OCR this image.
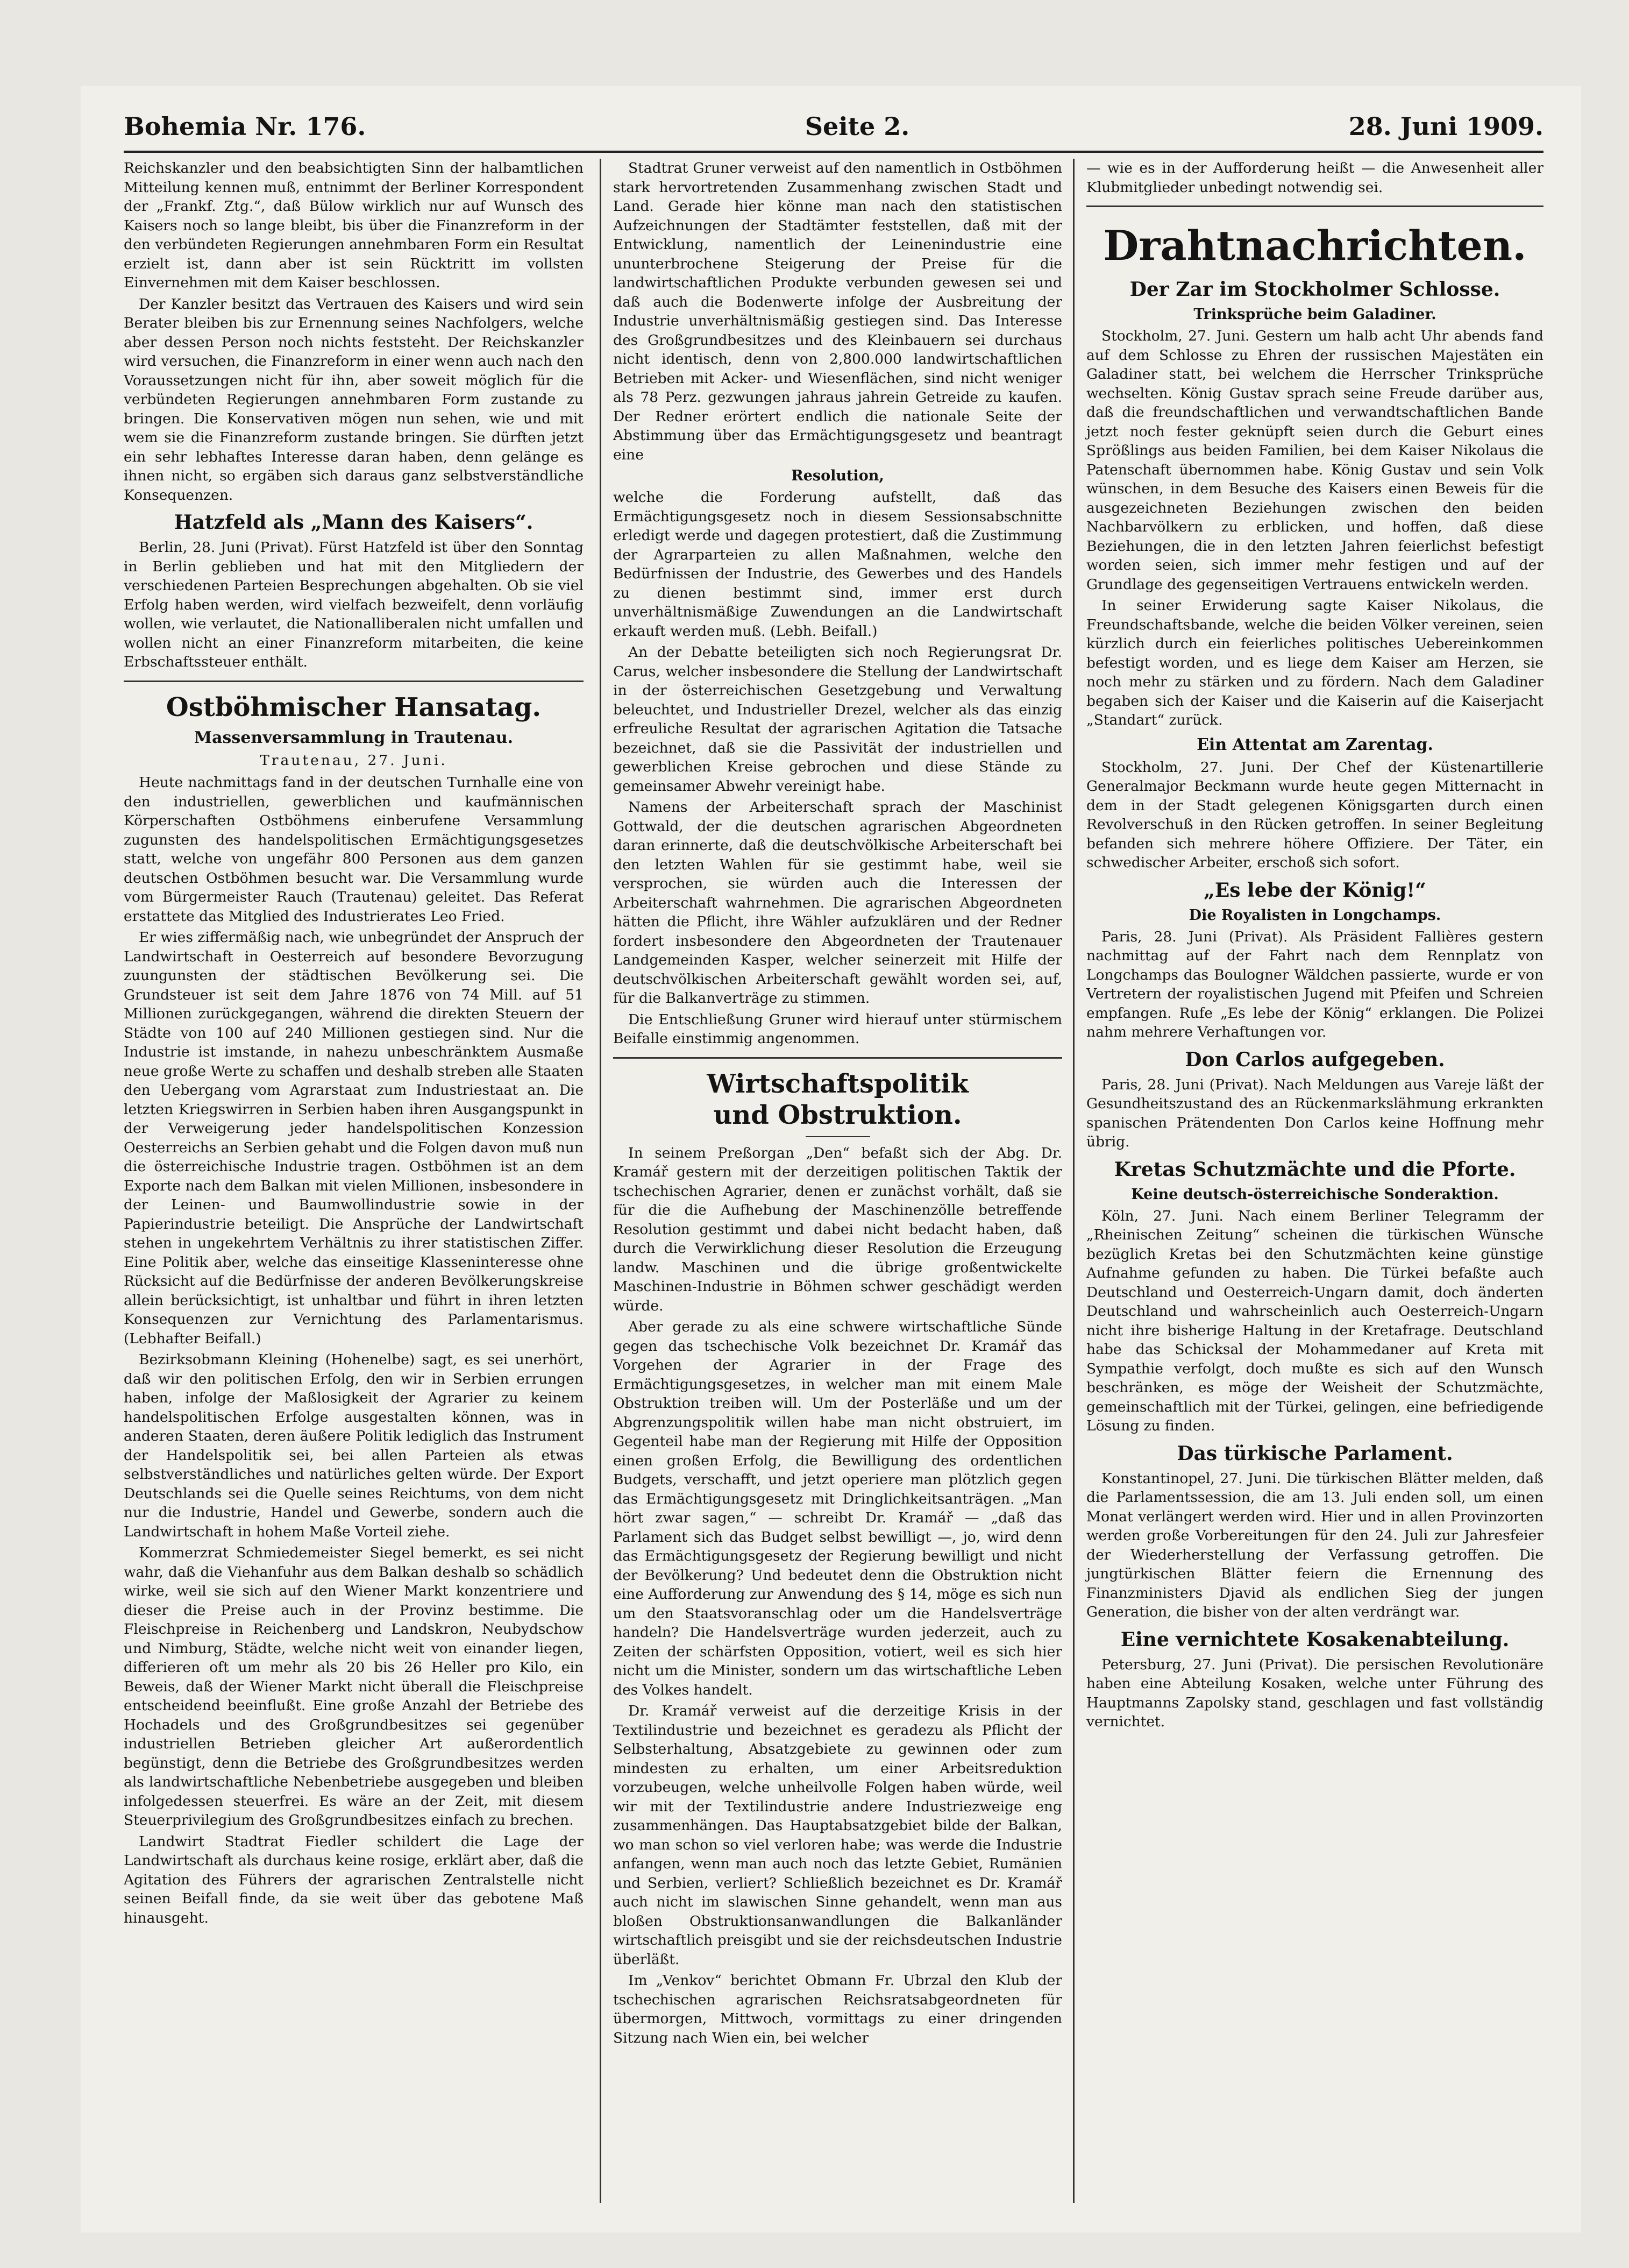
Bohemia Nr. 176.	Seite 2.	28. Juni 1909.

Reichskanzler und den beabsichtigten Sinn der halbamtlichen Mitteilung kennen muß, entnimmt der Berliner Korrespondent der „Frankf. Ztg.“, daß Bülow wirklich nur auf Wunsch des Kaisers noch so lange bleibt, bis über die Finanzreform in der den verbündeten Regierungen annehmbaren Form ein Resultat erzielt ist, dann aber ist sein Rücktritt im vollsten Einvernehmen mit dem Kaiser beschlossen.

Der Kanzler besitzt das Vertrauen des Kaisers und wird sein Berater bleiben bis zur Ernennung seines Nachfolgers, welche aber dessen Person noch nichts feststeht. Der Reichskanzler wird versuchen, die Finanzreform in einer wenn auch nach den Voraussetzungen nicht für ihn, aber soweit möglich für die verbündeten Regierungen annehmbaren Form zustande zu bringen. Die Konservativen mögen nun sehen, wie und mit wem sie die Finanzreform zustande bringen. Sie dürften jetzt ein sehr lebhaftes Interesse daran haben, denn gelänge es ihnen nicht, so ergäben sich daraus ganz selbstverständliche Konsequenzen.

Hatzfeld als „Mann des Kaisers“.

Berlin, 28. Juni (Privat). Fürst Hatzfeld ist über den Sonntag in Berlin geblieben und hat mit den Mitgliedern der verschiedenen Parteien Besprechungen abgehalten. Ob sie viel Erfolg haben werden, wird vielfach bezweifelt, denn vorläufig wollen, wie verlautet, die Nationalliberalen nicht umfallen und wollen nicht an einer Finanzreform mitarbeiten, die keine Erbschaftssteuer enthält.

Ostböhmischer Hansatag.
Massenversammlung in Trautenau.
Trautenau, 27. Juni.

Heute nachmittags fand in der deutschen Turnhalle eine von den industriellen, gewerblichen und kaufmännischen Körperschaften Ostböhmens einberufene Versammlung zugunsten des handelspolitischen Ermächtigungsgesetzes statt, welche von ungefähr 800 Personen aus dem ganzen deutschen Ostböhmen besucht war. Die Versammlung wurde vom Bürgermeister Rauch (Trautenau) geleitet. Das Referat erstattete das Mitglied des Industrierates Leo Fried.

Er wies ziffermäßig nach, wie unbegründet der Anspruch der Landwirtschaft in Oesterreich auf besondere Bevorzugung zuungunsten der städtischen Bevölkerung sei. Die Grundsteuer ist seit dem Jahre 1876 von 74 Mill. auf 51 Millionen zurückgegangen, während die direkten Steuern der Städte von 100 auf 240 Millionen gestiegen sind. Nur die Industrie ist imstande, in nahezu unbeschränktem Ausmaße neue große Werte zu schaffen und deshalb streben alle Staaten den Uebergang vom Agrarstaat zum Industriestaat an. Die letzten Kriegswirren in Serbien haben ihren Ausgangspunkt in der Verweigerung jeder handelspolitischen Konzession Oesterreichs an Serbien gehabt und die Folgen davon muß nun die österreichische Industrie tragen. Ostböhmen ist an dem Exporte nach dem Balkan mit vielen Millionen, insbesondere in der Leinen- und Baumwollindustrie sowie in der Papierindustrie beteiligt. Die Ansprüche der Landwirtschaft stehen in ungekehrtem Verhältnis zu ihrer statistischen Ziffer. Eine Politik aber, welche das einseitige Klasseninteresse ohne Rücksicht auf die Bedürfnisse der anderen Bevölkerungskreise allein berücksichtigt, ist unhaltbar und führt in ihren letzten Konsequenzen zur Vernichtung des Parlamentarismus. (Lebhafter Beifall.)

Bezirksobmann Kleining (Hohenelbe) sagt, es sei unerhört, daß wir den politischen Erfolg, den wir in Serbien errungen haben, infolge der Maßlosigkeit der Agrarier zu keinem handelspolitischen Erfolge ausgestalten können, was in anderen Staaten, deren äußere Politik lediglich das Instrument der Handelspolitik sei, bei allen Parteien als etwas selbstverständliches und natürliches gelten würde. Der Export Deutschlands sei die Quelle seines Reichtums, von dem nicht nur die Industrie, Handel und Gewerbe, sondern auch die Landwirtschaft in hohem Maße Vorteil ziehe.

Kommerzrat Schmiedemeister Siegel bemerkt, es sei nicht wahr, daß die Viehanfuhr aus dem Balkan deshalb so schädlich wirke, weil sie sich auf den Wiener Markt konzentriere und dieser die Preise auch in der Provinz bestimme. Die Fleischpreise in Reichenberg und Landskron, Neubydschow und Nimburg, Städte, welche nicht weit von einander liegen, differieren oft um mehr als 20 bis 26 Heller pro Kilo, ein Beweis, daß der Wiener Markt nicht überall die Fleischpreise entscheidend beeinflußt. Eine große Anzahl der Betriebe des Hochadels und des Großgrundbesitzes sei gegenüber industriellen Betrieben gleicher Art außerordentlich begünstigt, denn die Betriebe des Großgrundbesitzes werden als landwirtschaftliche Nebenbetriebe ausgegeben und bleiben infolgedessen steuerfrei. Es wäre an der Zeit, mit diesem Steuerprivilegium des Großgrundbesitzes einfach zu brechen.

Landwirt Stadtrat Fiedler schildert die Lage der Landwirtschaft als durchaus keine rosige, erklärt aber, daß die Agitation des Führers der agrarischen Zentralstelle nicht seinen Beifall finde, da sie weit über das gebotene Maß hinausgeht.

Stadtrat Gruner verweist auf den namentlich in Ostböhmen stark hervortretenden Zusammenhang zwischen Stadt und Land. Gerade hier könne man nach den statistischen Aufzeichnungen der Stadtämter feststellen, daß mit der Entwicklung, namentlich der Leinenindustrie eine ununterbrochene Steigerung der Preise für die landwirtschaftlichen Produkte verbunden gewesen sei und daß auch die Bodenwerte infolge der Ausbreitung der Industrie unverhältnismäßig gestiegen sind. Das Interesse des Großgrundbesitzes und des Kleinbauern sei durchaus nicht identisch, denn von 2,800.000 landwirtschaftlichen Betrieben mit Acker- und Wiesenflächen, sind nicht weniger als 78 Perz. gezwungen jahraus jahrein Getreide zu kaufen. Der Redner erörtert endlich die nationale Seite der Abstimmung über das Ermächtigungsgesetz und beantragt eine

Resolution,

welche die Forderung aufstellt, daß das Ermächtigungsgesetz noch in diesem Sessionsabschnitte erledigt werde und dagegen protestiert, daß die Zustimmung der Agrarparteien zu allen Maßnahmen, welche den Bedürfnissen der Industrie, des Gewerbes und des Handels zu dienen bestimmt sind, immer erst durch unverhältnismäßige Zuwendungen an die Landwirtschaft erkauft werden muß. (Lebh. Beifall.)

An der Debatte beteiligten sich noch Regierungsrat Dr. Carus, welcher insbesondere die Stellung der Landwirtschaft in der österreichischen Gesetzgebung und Verwaltung beleuchtet, und Industrieller Drezel, welcher als das einzig erfreuliche Resultat der agrarischen Agitation die Tatsache bezeichnet, daß sie die Passivität der industriellen und gewerblichen Kreise gebrochen und diese Stände zu gemeinsamer Abwehr vereinigt habe.

Namens der Arbeiterschaft sprach der Maschinist Gottwald, der die deutschen agrarischen Abgeordneten daran erinnerte, daß die deutschvölkische Arbeiterschaft bei den letzten Wahlen für sie gestimmt habe, weil sie versprochen, sie würden auch die Interessen der Arbeiterschaft wahrnehmen. Die agrarischen Abgeordneten hätten die Pflicht, ihre Wähler aufzuklären und der Redner fordert insbesondere den Abgeordneten der Trautenauer Landgemeinden Kasper, welcher seinerzeit mit Hilfe der deutschvölkischen Arbeiterschaft gewählt worden sei, auf, für die Balkanverträge zu stimmen.

Die Entschließung Gruner wird hierauf unter stürmischem Beifalle einstimmig angenommen.

Wirtschaftspolitik
und Obstruktion.

In seinem Preßorgan „Den“ befaßt sich der Abg. Dr. Kramář gestern mit der derzeitigen politischen Taktik der tschechischen Agrarier, denen er zunächst vorhält, daß sie für die die Aufhebung der Maschinenzölle betreffende Resolution gestimmt und dabei nicht bedacht haben, daß durch die Verwirklichung dieser Resolution die Erzeugung landw. Maschinen und die übrige großentwickelte Maschinen-Industrie in Böhmen schwer geschädigt werden würde.

Aber gerade zu als eine schwere wirtschaftliche Sünde gegen das tschechische Volk bezeichnet Dr. Kramář das Vorgehen der Agrarier in der Frage des Ermächtigungsgesetzes, in welcher man mit einem Male Obstruktion treiben will. Um der Posterläße und um der Abgrenzungspolitik willen habe man nicht obstruiert, im Gegenteil habe man der Regierung mit Hilfe der Opposition einen großen Erfolg, die Bewilligung des ordentlichen Budgets, verschafft, und jetzt operiere man plötzlich gegen das Ermächtigungsgesetz mit Dringlichkeitsanträgen. „Man hört zwar sagen,“ — schreibt Dr. Kramář — „daß das Parlament sich das Budget selbst bewilligt —, jo, wird denn das Ermächtigungsgesetz der Regierung bewilligt und nicht der Bevölkerung? Und bedeutet denn die Obstruktion nicht eine Aufforderung zur Anwendung des § 14, möge es sich nun um den Staatsvoranschlag oder um die Handelsverträge handeln? Die Handelsverträge wurden jederzeit, auch zu Zeiten der schärfsten Opposition, votiert, weil es sich hier nicht um die Minister, sondern um das wirtschaftliche Leben des Volkes handelt.

Dr. Kramář verweist auf die derzeitige Krisis in der Textilindustrie und bezeichnet es geradezu als Pflicht der Selbsterhaltung, Absatzgebiete zu gewinnen oder zum mindesten zu erhalten, um einer Arbeitsreduktion vorzubeugen, welche unheilvolle Folgen haben würde, weil wir mit der Textilindustrie andere Industriezweige eng zusammenhängen. Das Hauptabsatzgebiet bilde der Balkan, wo man schon so viel verloren habe; was werde die Industrie anfangen, wenn man auch noch das letzte Gebiet, Rumänien und Serbien, verliert? Schließlich bezeichnet es Dr. Kramář auch nicht im slawischen Sinne gehandelt, wenn man aus bloßen Obstruktionsanwandlungen die Balkanländer wirtschaftlich preisgibt und sie der reichsdeutschen Industrie überläßt.

Im „Venkov“ berichtet Obmann Fr. Ubrzal den Klub der tschechischen agrarischen Reichsratsabgeordneten für übermorgen, Mittwoch, vormittags zu einer dringenden Sitzung nach Wien ein, bei welcher

— wie es in der Aufforderung heißt — die Anwesenheit aller Klubmitglieder unbedingt notwendig sei.

Drahtnachrichten.
Der Zar im Stockholmer Schlosse.
Trinksprüche beim Galadiner.

Stockholm, 27. Juni. Gestern um halb acht Uhr abends fand auf dem Schlosse zu Ehren der russischen Majestäten ein Galadiner statt, bei welchem die Herrscher Trinksprüche wechselten. König Gustav sprach seine Freude darüber aus, daß die freundschaftlichen und verwandtschaftlichen Bande jetzt noch fester geknüpft seien durch die Geburt eines Sprößlings aus beiden Familien, bei dem Kaiser Nikolaus die Patenschaft übernommen habe. König Gustav und sein Volk wünschen, in dem Besuche des Kaisers einen Beweis für die ausgezeichneten Beziehungen zwischen den beiden Nachbarvölkern zu erblicken, und hoffen, daß diese Beziehungen, die in den letzten Jahren feierlichst befestigt worden seien, sich immer mehr festigen und auf der Grundlage des gegenseitigen Vertrauens entwickeln werden.

In seiner Erwiderung sagte Kaiser Nikolaus, die Freundschaftsbande, welche die beiden Völker vereinen, seien kürzlich durch ein feierliches politisches Uebereinkommen befestigt worden, und es liege dem Kaiser am Herzen, sie noch mehr zu stärken und zu fördern. Nach dem Galadiner begaben sich der Kaiser und die Kaiserin auf die Kaiserjacht „Standart“ zurück.

Ein Attentat am Zarentag.

Stockholm, 27. Juni. Der Chef der Küstenartillerie Generalmajor Beckmann wurde heute gegen Mitternacht in dem in der Stadt gelegenen Königsgarten durch einen Revolverschuß in den Rücken getroffen. In seiner Begleitung befanden sich mehrere höhere Offiziere. Der Täter, ein schwedischer Arbeiter, erschoß sich sofort.

„Es lebe der König!“
Die Royalisten in Longchamps.

Paris, 28. Juni (Privat). Als Präsident Fallières gestern nachmittag auf der Fahrt nach dem Rennplatz von Longchamps das Boulogner Wäldchen passierte, wurde er von Vertretern der royalistischen Jugend mit Pfeifen und Schreien empfangen. Rufe „Es lebe der König“ erklangen. Die Polizei nahm mehrere Verhaftungen vor.

Don Carlos aufgegeben.

Paris, 28. Juni (Privat). Nach Meldungen aus Vareje läßt der Gesundheitszustand des an Rückenmarkslähmung erkrankten spanischen Prätendenten Don Carlos keine Hoffnung mehr übrig.

Kretas Schutzmächte und die Pforte.
Keine deutsch-österreichische Sonderaktion.

Köln, 27. Juni. Nach einem Berliner Telegramm der „Rheinischen Zeitung“ scheinen die türkischen Wünsche bezüglich Kretas bei den Schutzmächten keine günstige Aufnahme gefunden zu haben. Die Türkei befaßte auch Deutschland und Oesterreich-Ungarn damit, doch änderten Deutschland und wahrscheinlich auch Oesterreich-Ungarn nicht ihre bisherige Haltung in der Kretafrage. Deutschland habe das Schicksal der Mohammedaner auf Kreta mit Sympathie verfolgt, doch mußte es sich auf den Wunsch beschränken, es möge der Weisheit der Schutzmächte, gemeinschaftlich mit der Türkei, gelingen, eine befriedigende Lösung zu finden.

Das türkische Parlament.

Konstantinopel, 27. Juni. Die türkischen Blätter melden, daß die Parlamentssession, die am 13. Juli enden soll, um einen Monat verlängert werden wird. Hier und in allen Provinzorten werden große Vorbereitungen für den 24. Juli zur Jahresfeier der Wiederherstellung der Verfassung getroffen. Die jungtürkischen Blätter feiern die Ernennung des Finanzministers Djavid als endlichen Sieg der jungen Generation, die bisher von der alten verdrängt war.

Eine vernichtete Kosakenabteilung.

Petersburg, 27. Juni (Privat). Die persischen Revolutionäre haben eine Abteilung Kosaken, welche unter Führung des Hauptmanns Zapolsky stand, geschlagen und fast vollständig vernichtet.
